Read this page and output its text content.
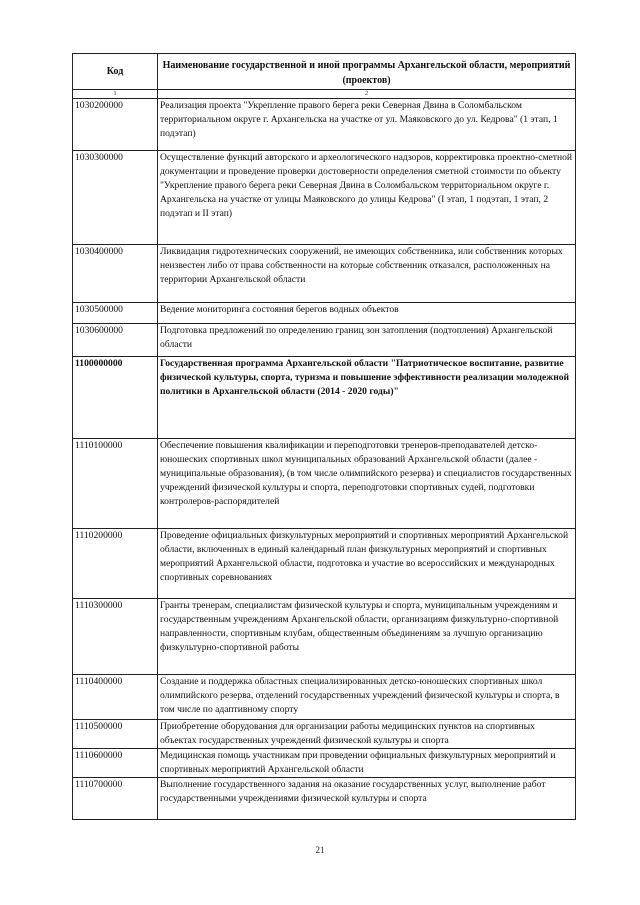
Код	Наименование государственной и иной программы Архангельской области, мероприятий (проектов)
1	2
1030200000	Реализация проекта "Укрепление правого берега реки Северная Двина в Соломбальском территориальном округе г. Архангельска на участке от ул. Маяковского до ул. Кедрова" (1 этап, 1 подэтап)
1030300000	Осуществление функций авторского и археологического надзоров, корректировка проектно-сметной документации и проведение проверки достоверности определения сметной стоимости по объекту "Укрепление правого берега реки Северная Двина в Соломбальском территориальном округе г. Архангельска на участке от улицы Маяковского до улицы Кедрова" (I этап, 1 подэтап, 1 этап, 2 подэтап и II этап)
1030400000	Ликвидация гидротехнических сооружений, не имеющих собственника, или собственник которых неизвестен либо от права собственности на которые собственник отказался, расположенных на территории Архангельской области
1030500000	Ведение мониторинга состояния берегов водных объектов
1030600000	Подготовка предложений по определению границ зон затопления (подтопления) Архангельской области
1100000000	Государственная программа Архангельской области "Патриотическое воспитание, развитие физической культуры, спорта, туризма и повышение эффективности реализации молодежной политики в Архангельской области (2014 - 2020 годы)"
1110100000	Обеспечение повышения квалификации и переподготовки тренеров-преподавателей детско-юношеских спортивных школ муниципальных образований Архангельской области (далее - муниципальные образования), (в том числе олимпийского резерва) и специалистов государственных учреждений физической культуры и спорта, переподготовки спортивных судей, подготовки контролеров-распорядителей
1110200000	Проведение официальных физкультурных мероприятий и спортивных мероприятий Архангельской области, включенных в единый календарный план физкультурных мероприятий и спортивных мероприятий Архангельской области, подготовка и участие во всероссийских и международных спортивных соревнованиях
1110300000	Гранты тренерам, специалистам физической культуры и спорта, муниципальным учреждениям и государственным учреждениям Архангельской области, организациям физкультурно-спортивной направленности, спортивным клубам, общественным объединениям за лучшую организацию физкультурно-спортивной работы
1110400000	Создание и поддержка областных специализированных детско-юношеских спортивных школ олимпийского резерва, отделений государственных учреждений физической культуры и спорта, в том числе по адаптивному спорту
1110500000	Приобретение оборудования для организации работы медицинских пунктов на спортивных объектах государственных учреждений физической культуры и спорта
1110600000	Медицинская помощь участникам при проведении официальных физкультурных мероприятий и спортивных мероприятий Архангельской области
1110700000	Выполнение государственного задания на оказание государственных услуг, выполнение работ государственными учреждениями физической культуры и спорта
21
